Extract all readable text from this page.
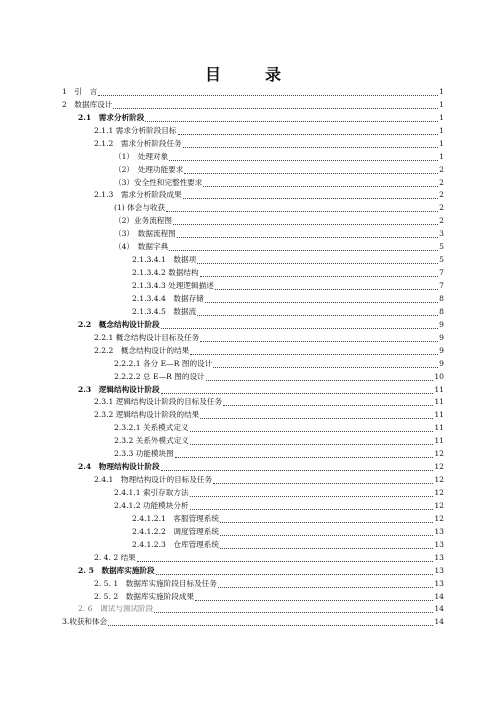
目　录
1　引　言	1
2　数据库设计	1
2.1　需求分析阶段	1
2.1.1 需求分析阶段目标	1
2.1.2　需求分析阶段任务	1
（1）　处理对象	1
（2）　处理功能要求	2
（3）安全性和完整性要求	2
2.1.3　需求分析阶段成果	2
(1) 体会与收获	2
（2）业务流程图	2
（3）　数据流程图	3
（4）　数据字典	5
2.1.3.4.1　数据项	5
2.1.3.4.2 数据结构	7
2.1.3.4.3 处理逻辑描述	7
2.1.3.4.4　数据存储	8
2.1.3.4.5　数据流	8
2.2　概念结构设计阶段	9
2.2.1 概念结构设计目标及任务	9
2.2.2　概念结构设计的结果	9
2.2.2.1 各分 E—R 图的设计	9
2.2.2.2 总 E—R 图的设计	10
2.3　逻辑结构设计阶段	11
2.3.1 逻辑结构设计阶段的目标及任务	11
2.3.2 逻辑结构设计阶段的结果	11
2.3.2.1 关系模式定义	11
2.3.2 关系外模式定义	11
2.3.3 功能模块图	12
2.4　物理结构设计阶段	12
2.4.1　物理结构设计的目标及任务	12
2.4.1.1 索引存取方法	12
2.4.1.2 功能模块分析	12
2.4.1.2.1　客服管理系统	12
2.4.1.2.2　调度管理系统	13
2.4.1.2.3　仓库管理系统	13
2. 4. 2 结果	13
2. 5　数据库实施阶段	13
2. 5. 1　数据库实施阶段目标及任务	13
2. 5. 2　数据库实施阶段成果	14
2. 6　调试与测试阶段	14
3.收获和体会	14
